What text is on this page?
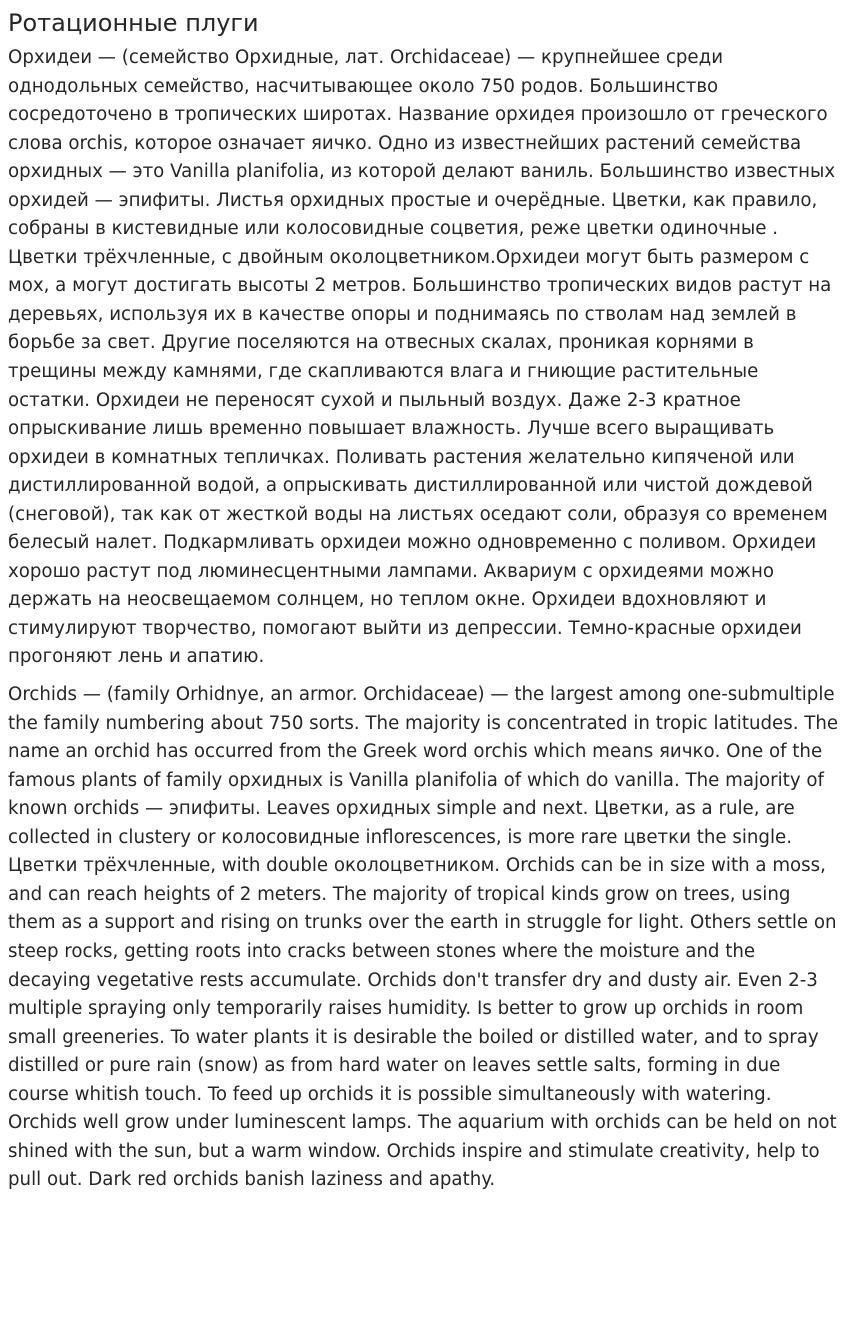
Ротационные плуги

Орхидеи — (семейство Орхидные, лат. Orchidaceae) — крупнейшее среди однодольных семейство, насчитывающее около 750 родов. Большинство сосредоточено в тропических широтах. Название орхидея произошло от греческого слова orchis, которое означает яичко. Одно из известнейших растений семейства орхидных — это Vanilla planifolia, из которой делают ваниль. Большинство известных орхидей — эпифиты. Листья орхидных простые и очерёдные. Цветки, как правило, собраны в кистевидные или колосовидные соцветия, реже цветки одиночные . Цветки трёхчленные, с двойным околоцветником.Орхидеи могут быть размером с мох, а могут достигать высоты 2 метров. Большинство тропических видов растут на деревьях, используя их в качестве опоры и поднимаясь по стволам над землей в борьбе за свет. Другие поселяются на отвесных скалах, проникая корнями в трещины между камнями, где скапливаются влага и гниющие растительные остатки. Орхидеи не переносят сухой и пыльный воздух. Даже 2-3 кратное опрыскивание лишь временно повышает влажность. Лучше всего выращивать орхидеи в комнатных тепличках. Поливать растения желательно кипяченой или дистиллированной водой, а опрыскивать дистиллированной или чистой дождевой (снеговой), так как от жесткой воды на листьях оседают соли, образуя со временем белесый налет. Подкармливать орхидеи можно одновременно с поливом. Орхидеи хорошо растут под люминесцентными лампами. Аквариум с орхидеями можно держать на неосвещаемом солнцем, но теплом окне. Орхидеи вдохновляют и стимулируют творчество, помогают выйти из депрессии. Темно-красные орхидеи прогоняют лень и апатию.

Orchids — (family Orhidnye, an armor. Orchidaceae) — the largest among one-submultiple the family numbering about 750 sorts. The majority is concentrated in tropic latitudes. The name an orchid has occurred from the Greek word orchis which means яичко. One of the famous plants of family орхидных is Vanilla planifolia of which do vanilla. The majority of known orchids — эпифиты. Leaves орхидных simple and next. Цветки, as a rule, are collected in clustery or колосовидные inflorescences, is more rare цветки the single. Цветки трёхчленные, with double околоцветником. Orchids can be in size with a moss, and can reach heights of 2 meters. The majority of tropical kinds grow on trees, using them as a support and rising on trunks over the earth in struggle for light. Others settle on steep rocks, getting roots into cracks between stones where the moisture and the decaying vegetative rests accumulate. Orchids don't transfer dry and dusty air. Even 2-3 multiple spraying only temporarily raises humidity. Is better to grow up orchids in room small greeneries. To water plants it is desirable the boiled or distilled water, and to spray distilled or pure rain (snow) as from hard water on leaves settle salts, forming in due course whitish touch. To feed up orchids it is possible simultaneously with watering. Orchids well grow under luminescent lamps. The aquarium with orchids can be held on not shined with the sun, but a warm window. Orchids inspire and stimulate creativity, help to pull out. Dark red orchids banish laziness and apathy.
